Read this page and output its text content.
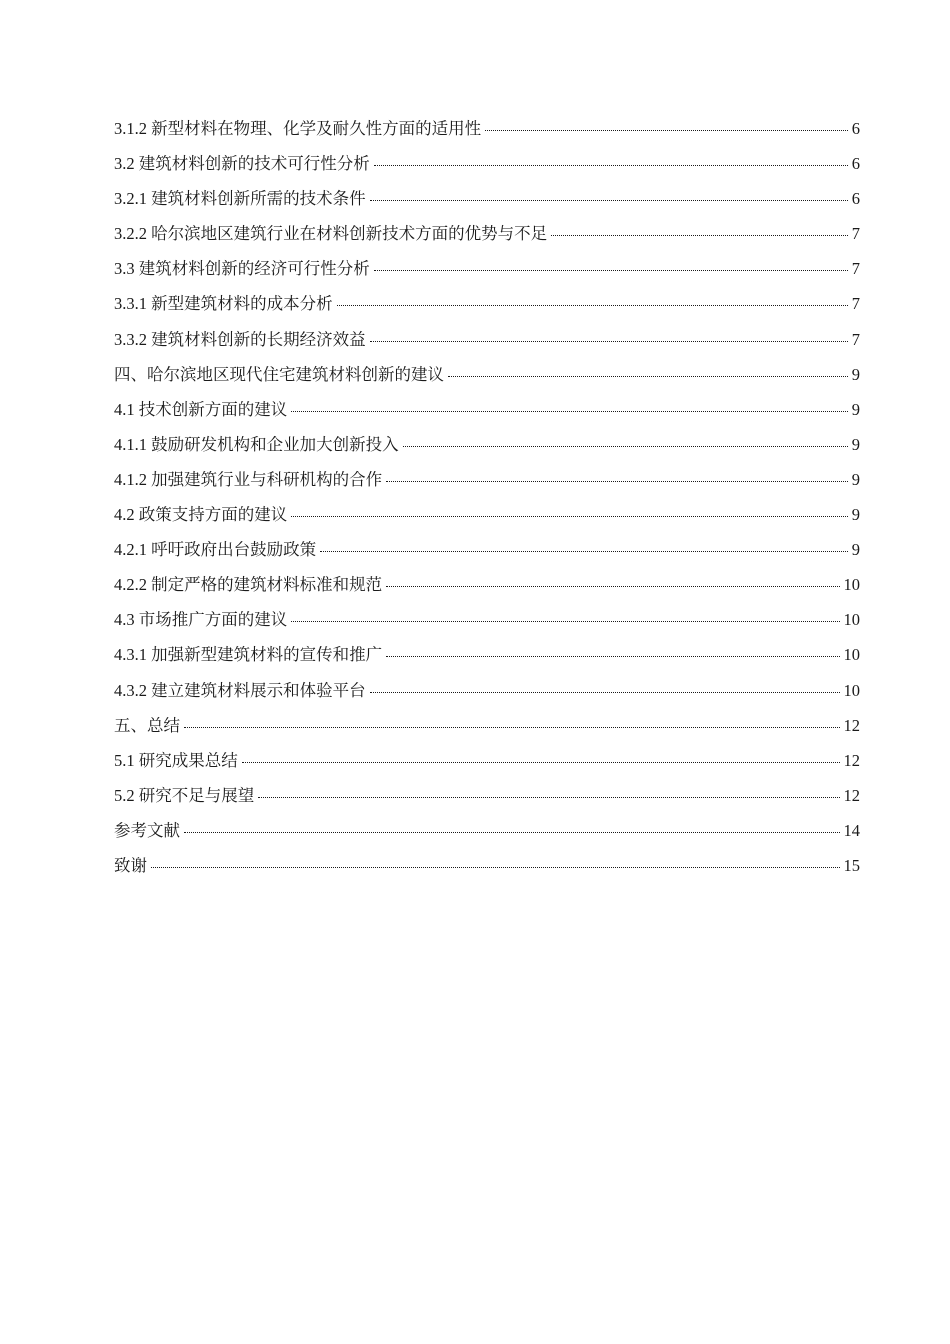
3.1.2 新型材料在物理、化学及耐久性方面的适用性	6
3.2 建筑材料创新的技术可行性分析	6
3.2.1 建筑材料创新所需的技术条件	6
3.2.2 哈尔滨地区建筑行业在材料创新技术方面的优势与不足	7
3.3 建筑材料创新的经济可行性分析	7
3.3.1 新型建筑材料的成本分析	7
3.3.2 建筑材料创新的长期经济效益	7
四、哈尔滨地区现代住宅建筑材料创新的建议	9
4.1 技术创新方面的建议	9
4.1.1 鼓励研发机构和企业加大创新投入	9
4.1.2 加强建筑行业与科研机构的合作	9
4.2 政策支持方面的建议	9
4.2.1 呼吁政府出台鼓励政策	9
4.2.2 制定严格的建筑材料标准和规范	10
4.3 市场推广方面的建议	10
4.3.1 加强新型建筑材料的宣传和推广	10
4.3.2 建立建筑材料展示和体验平台	10
五、总结	12
5.1 研究成果总结	12
5.2 研究不足与展望	12
参考文献	14
致谢	15
